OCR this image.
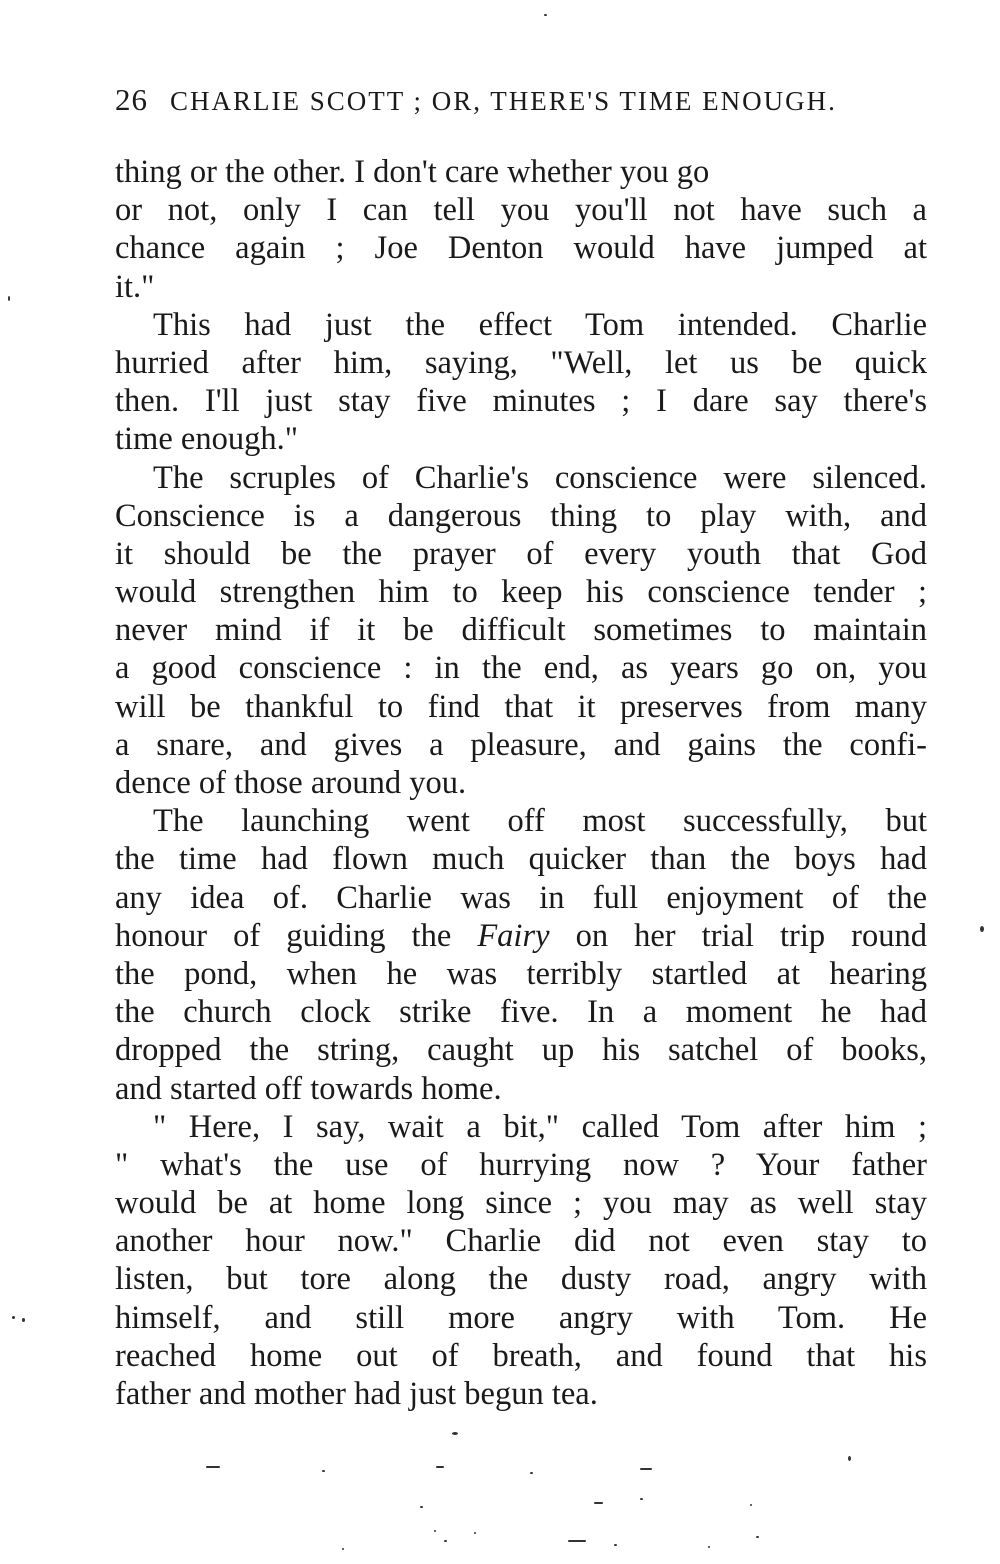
26 CHARLIE SCOTT ; OR, THERE'S TIME ENOUGH.
thing or the other. I don't care whether you go
or not, only I can tell you you'll not have such a
chance again ; Joe Denton would have jumped at
it."
This had just the effect Tom intended. Charlie
hurried after him, saying, "Well, let us be quick
then. I'll just stay five minutes ; I dare say there's
time enough."
The scruples of Charlie's conscience were silenced.
Conscience is a dangerous thing to play with, and
it should be the prayer of every youth that God
would strengthen him to keep his conscience tender ;
never mind if it be difficult sometimes to maintain
a good conscience : in the end, as years go on, you
will be thankful to find that it preserves from many
a snare, and gives a pleasure, and gains the confi-
dence of those around you.
The launching went off most successfully, but
the time had flown much quicker than the boys had
any idea of. Charlie was in full enjoyment of the
honour of guiding the Fairy on her trial trip round
the pond, when he was terribly startled at hearing
the church clock strike five. In a moment he had
dropped the string, caught up his satchel of books,
and started off towards home.
" Here, I say, wait a bit," called Tom after him ;
" what's the use of hurrying now ? Your father
would be at home long since ; you may as well stay
another hour now." Charlie did not even stay to
listen, but tore along the dusty road, angry with
himself, and still more angry with Tom. He
reached home out of breath, and found that his
father and mother had just begun tea.
